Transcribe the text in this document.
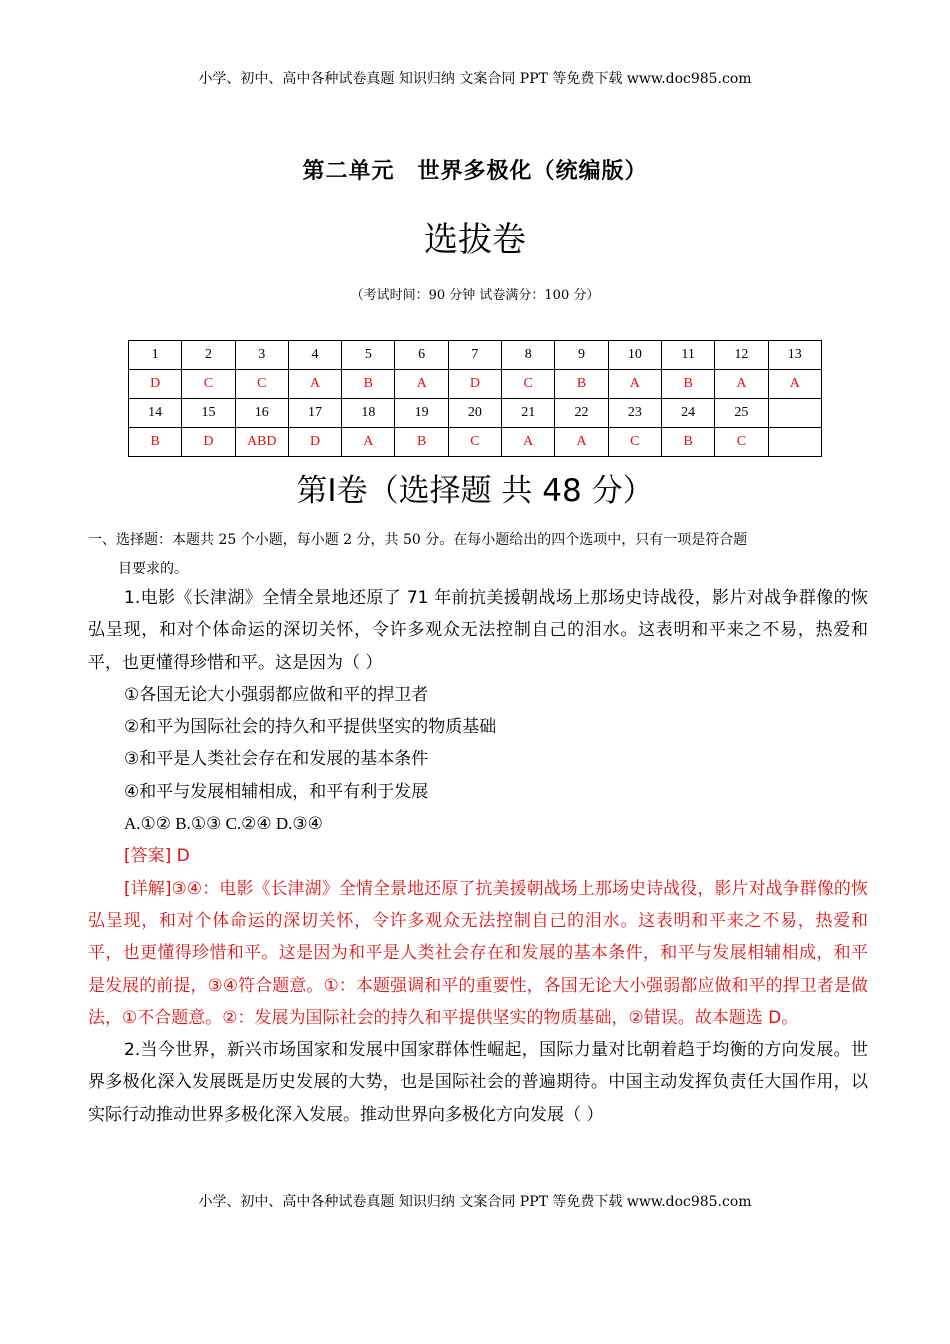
小学、初中、高中各种试卷真题 知识归纳 文案合同 PPT 等免费下载 www.doc985.com
第二单元　世界多极化（统编版）
选拔卷
（考试时间：90 分钟 试卷满分：100 分）
1	2	3	4	5	6	7	8	9	10	11	12	13
D	C	C	A	B	A	D	C	B	A	B	A	A
14	15	16	17	18	19	20	21	22	23	24	25	
B	D	ABD	D	A	B	C	A	A	C	B	C	
第I卷（选择题 共 48 分）
一、选择题：本题共 25 个小题，每小题 2 分，共 50 分。在每小题给出的四个选项中，只有一项是符合题
目要求的。

1.电影《长津湖》全情全景地还原了 71 年前抗美援朝战场上那场史诗战役，影片对战争群像的恢弘呈现，和对个体命运的深切关怀，令许多观众无法控制自己的泪水。这表明和平来之不易，热爱和平，也更懂得珍惜和平。这是因为（ ）

①各国无论大小强弱都应做和平的捍卫者

②和平为国际社会的持久和平提供坚实的物质基础

③和平是人类社会存在和发展的基本条件

④和平与发展相辅相成，和平有利于发展

A.①② B.①③ C.②④ D.③④

[答案] D

[详解]③④：电影《长津湖》全情全景地还原了抗美援朝战场上那场史诗战役，影片对战争群像的恢弘呈现，和对个体命运的深切关怀，令许多观众无法控制自己的泪水。这表明和平来之不易，热爱和平，也更懂得珍惜和平。这是因为和平是人类社会存在和发展的基本条件，和平与发展相辅相成，和平是发展的前提，③④符合题意。①：本题强调和平的重要性，各国无论大小强弱都应做和平的捍卫者是做法，①不合题意。②：发展为国际社会的持久和平提供坚实的物质基础，②错误。故本题选 D。

2.当今世界，新兴市场国家和发展中国家群体性崛起，国际力量对比朝着趋于均衡的方向发展。世界多极化深入发展既是历史发展的大势，也是国际社会的普遍期待。中国主动发挥负责任大国作用，以实际行动推动世界多极化深入发展。推动世界向多极化方向发展（ ）

小学、初中、高中各种试卷真题 知识归纳 文案合同 PPT 等免费下载 www.doc985.com
